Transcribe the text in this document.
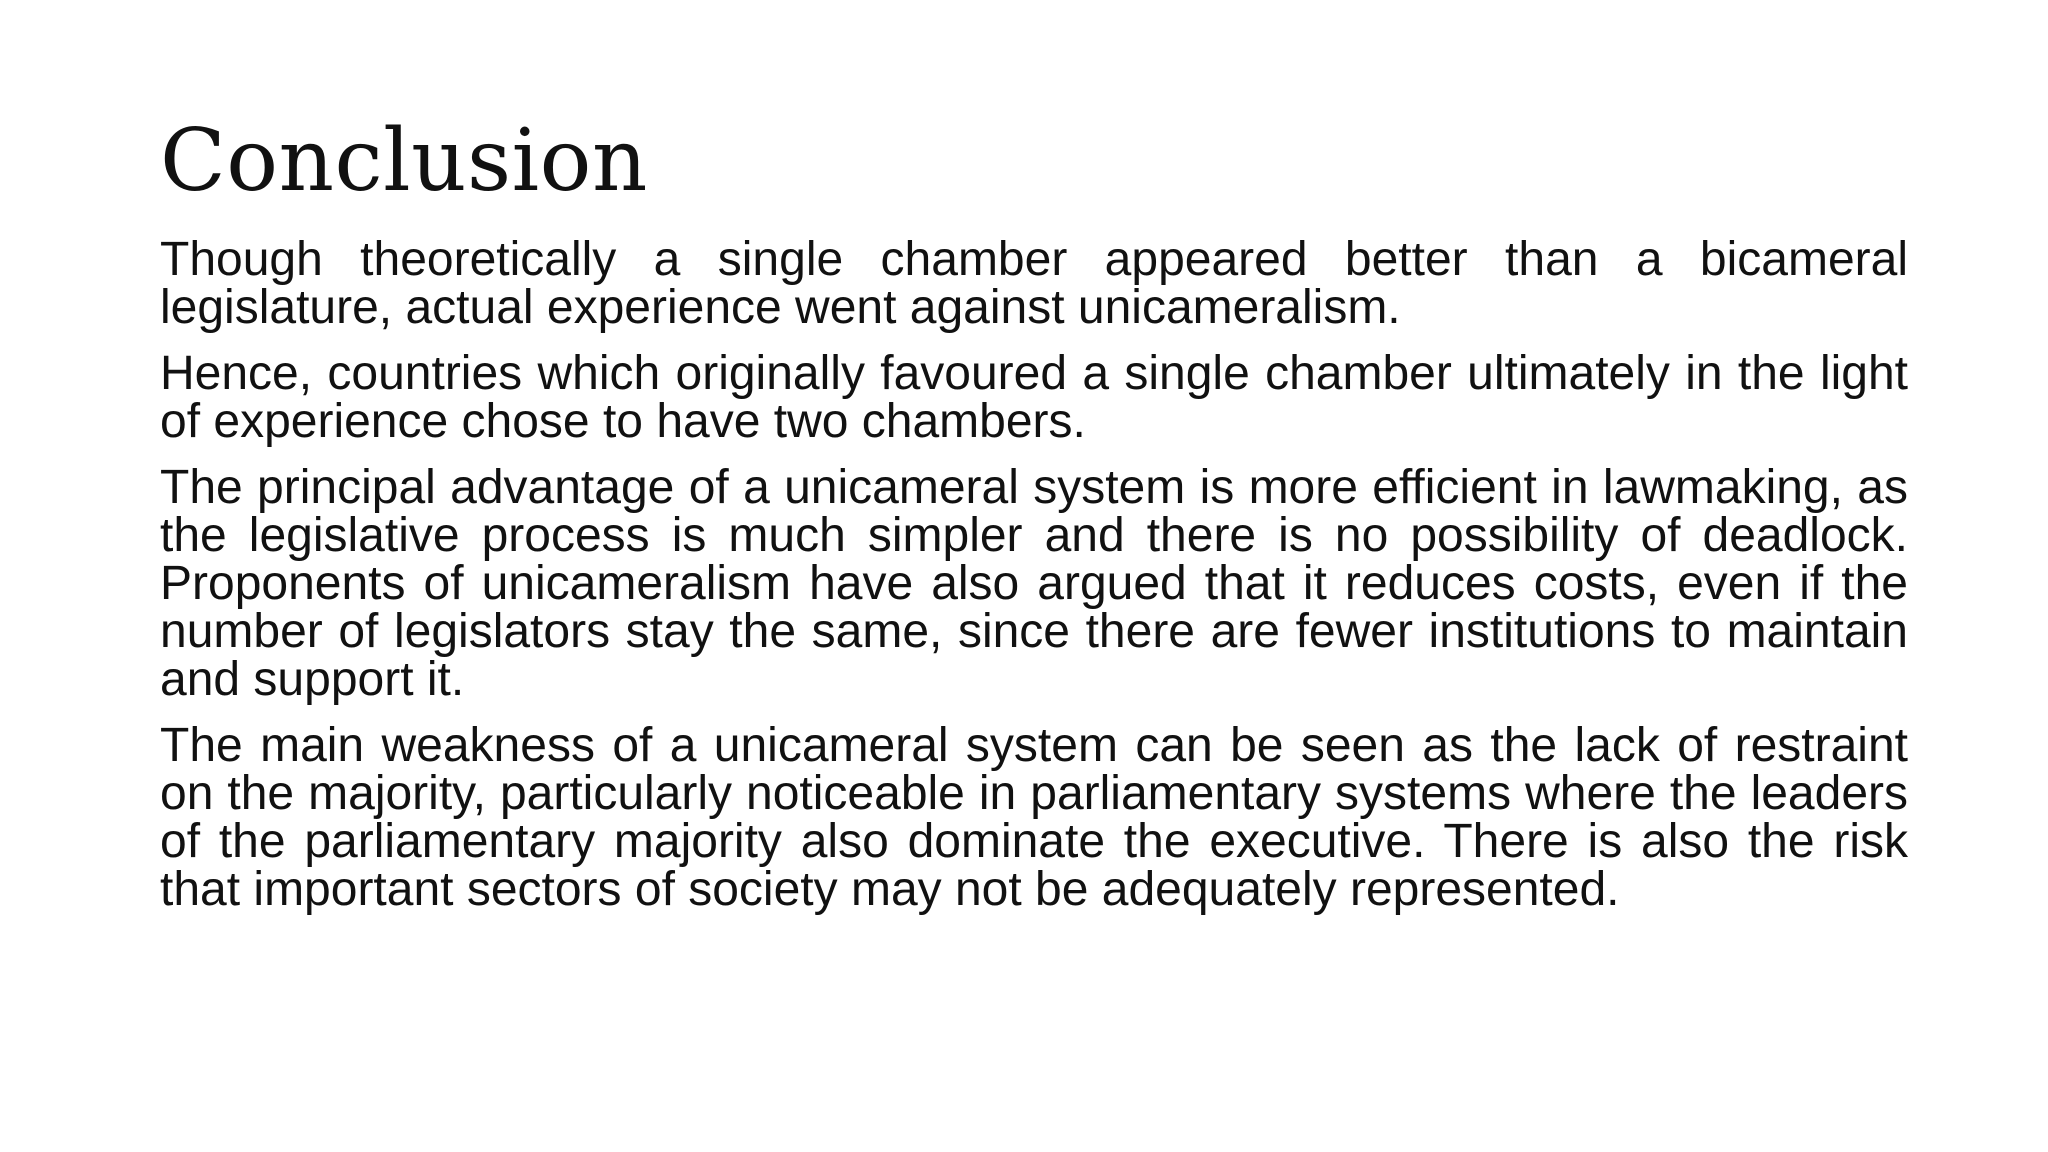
Conclusion

Though theoretically a single chamber appeared better than a bicameral legislature, actual experience went against unicameralism.

Hence, countries which originally favoured a single chamber ultimately in the light of experience chose to have two chambers.

The principal advantage of a unicameral system is more efficient in lawmaking, as the legislative process is much simpler and there is no possibility of deadlock. Proponents of unicameralism have also argued that it reduces costs, even if the number of legislators stay the same, since there are fewer institutions to maintain and support it.

The main weakness of a unicameral system can be seen as the lack of restraint on the majority, particularly noticeable in parliamentary systems where the leaders of the parliamentary majority also dominate the executive. There is also the risk that important sectors of society may not be adequately represented.
